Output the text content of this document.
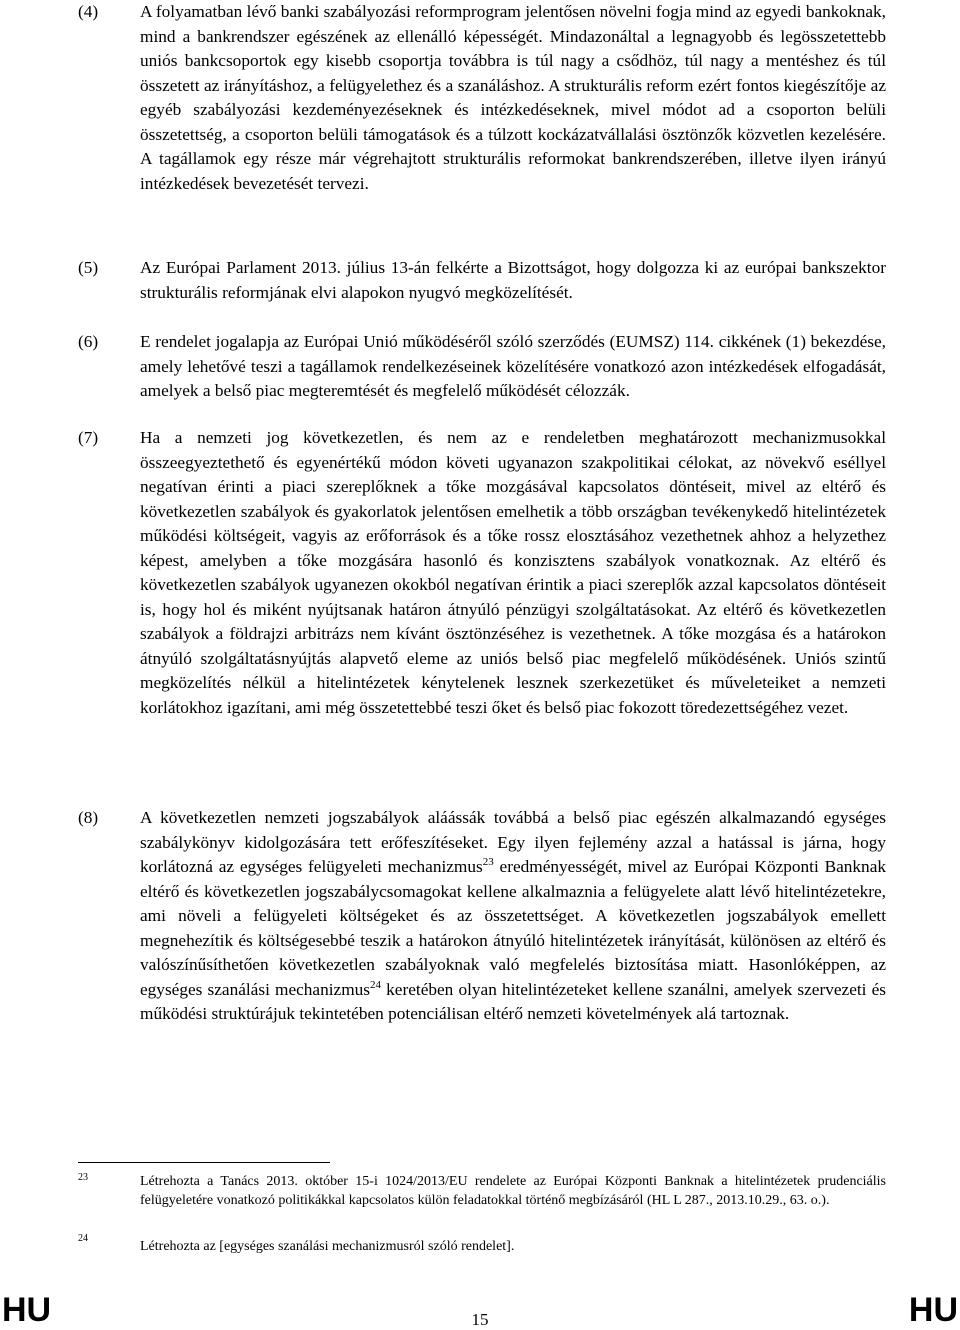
(4)	A folyamatban lévő banki szabályozási reformprogram jelentősen növelni fogja mind az egyedi bankoknak, mind a bankrendszer egészének az ellenálló képességét. Mindazonáltal a legnagyobb és legösszetettebb uniós bankcsoportok egy kisebb csoportja továbbra is túl nagy a csődhöz, túl nagy a mentéshez és túl összetett az irányításhoz, a felügyelethez és a szanáláshoz. A strukturális reform ezért fontos kiegészítője az egyéb szabályozási kezdeményezéseknek és intézkedéseknek, mivel módot ad a csoporton belüli összetettség, a csoporton belüli támogatások és a túlzott kockázatvállalási ösztönzők közvetlen kezelésére. A tagállamok egy része már végrehajtott strukturális reformokat bankrendszerében, illetve ilyen irányú intézkedések bevezetését tervezi.

(5)	Az Európai Parlament 2013. július 13-án felkérte a Bizottságot, hogy dolgozza ki az európai bankszektor strukturális reformjának elvi alapokon nyugvó megközelítését.

(6)	E rendelet jogalapja az Európai Unió működéséről szóló szerződés (EUMSZ) 114. cikkének (1) bekezdése, amely lehetővé teszi a tagállamok rendelkezéseinek közelítésére vonatkozó azon intézkedések elfogadását, amelyek a belső piac megteremtését és megfelelő működését célozzák.

(7)	Ha a nemzeti jog következetlen, és nem az e rendeletben meghatározott mechanizmusokkal összeegyeztethető és egyenértékű módon követi ugyanazon szakpolitikai célokat, az növekvő eséllyel negatívan érinti a piaci szereplőknek a tőke mozgásával kapcsolatos döntéseit, mivel az eltérő és következetlen szabályok és gyakorlatok jelentősen emelhetik a több országban tevékenykedő hitelintézetek működési költségeit, vagyis az erőforrások és a tőke rossz elosztásához vezethetnek ahhoz a helyzethez képest, amelyben a tőke mozgására hasonló és konzisztens szabályok vonatkoznak. Az eltérő és következetlen szabályok ugyanezen okokból negatívan érintik a piaci szereplők azzal kapcsolatos döntéseit is, hogy hol és miként nyújtsanak határon átnyúló pénzügyi szolgáltatásokat. Az eltérő és következetlen szabályok a földrajzi arbitrázs nem kívánt ösztönzéséhez is vezethetnek. A tőke mozgása és a határokon átnyúló szolgáltatásnyújtás alapvető eleme az uniós belső piac megfelelő működésének. Uniós szintű megközelítés nélkül a hitelintézetek kénytelenek lesznek szerkezetüket és műveleteiket a nemzeti korlátokhoz igazítani, ami még összetettebbé teszi őket és belső piac fokozott töredezettségéhez vezet.

(8)	A következetlen nemzeti jogszabályok aláássák továbbá a belső piac egészén alkalmazandó egységes szabálykönyv kidolgozására tett erőfeszítéseket. Egy ilyen fejlemény azzal a hatással is járna, hogy korlátozná az egységes felügyeleti mechanizmus$^{23}$ eredményességét, mivel az Európai Központi Banknak eltérő és következetlen jogszabálycsomagokat kellene alkalmaznia a felügyelete alatt lévő hitelintézetekre, ami növeli a felügyeleti költségeket és az összetettséget. A következetlen jogszabályok emellett megnehezítik és költségesebbé teszik a határokon átnyúló hitelintézetek irányítását, különösen az eltérő és valószínűsíthetően következetlen szabályoknak való megfelelés biztosítása miatt. Hasonlóképpen, az egységes szanálási mechanizmus$^{24}$ keretében olyan hitelintézeteket kellene szanálni, amelyek szervezeti és működési struktúrájuk tekintetében potenciálisan eltérő nemzeti követelmények alá tartoznak.

23	Létrehozta a Tanács 2013. október 15-i 1024/2013/EU rendelete az Európai Központi Banknak a hitelintézetek prudenciális felügyeletére vonatkozó politikákkal kapcsolatos külön feladatokkal történő megbízásáról (HL L 287., 2013.10.29., 63. o.).
24
Létrehozta az [egységes szanálási mechanizmusról szóló rendelet].
HU	15	HU
